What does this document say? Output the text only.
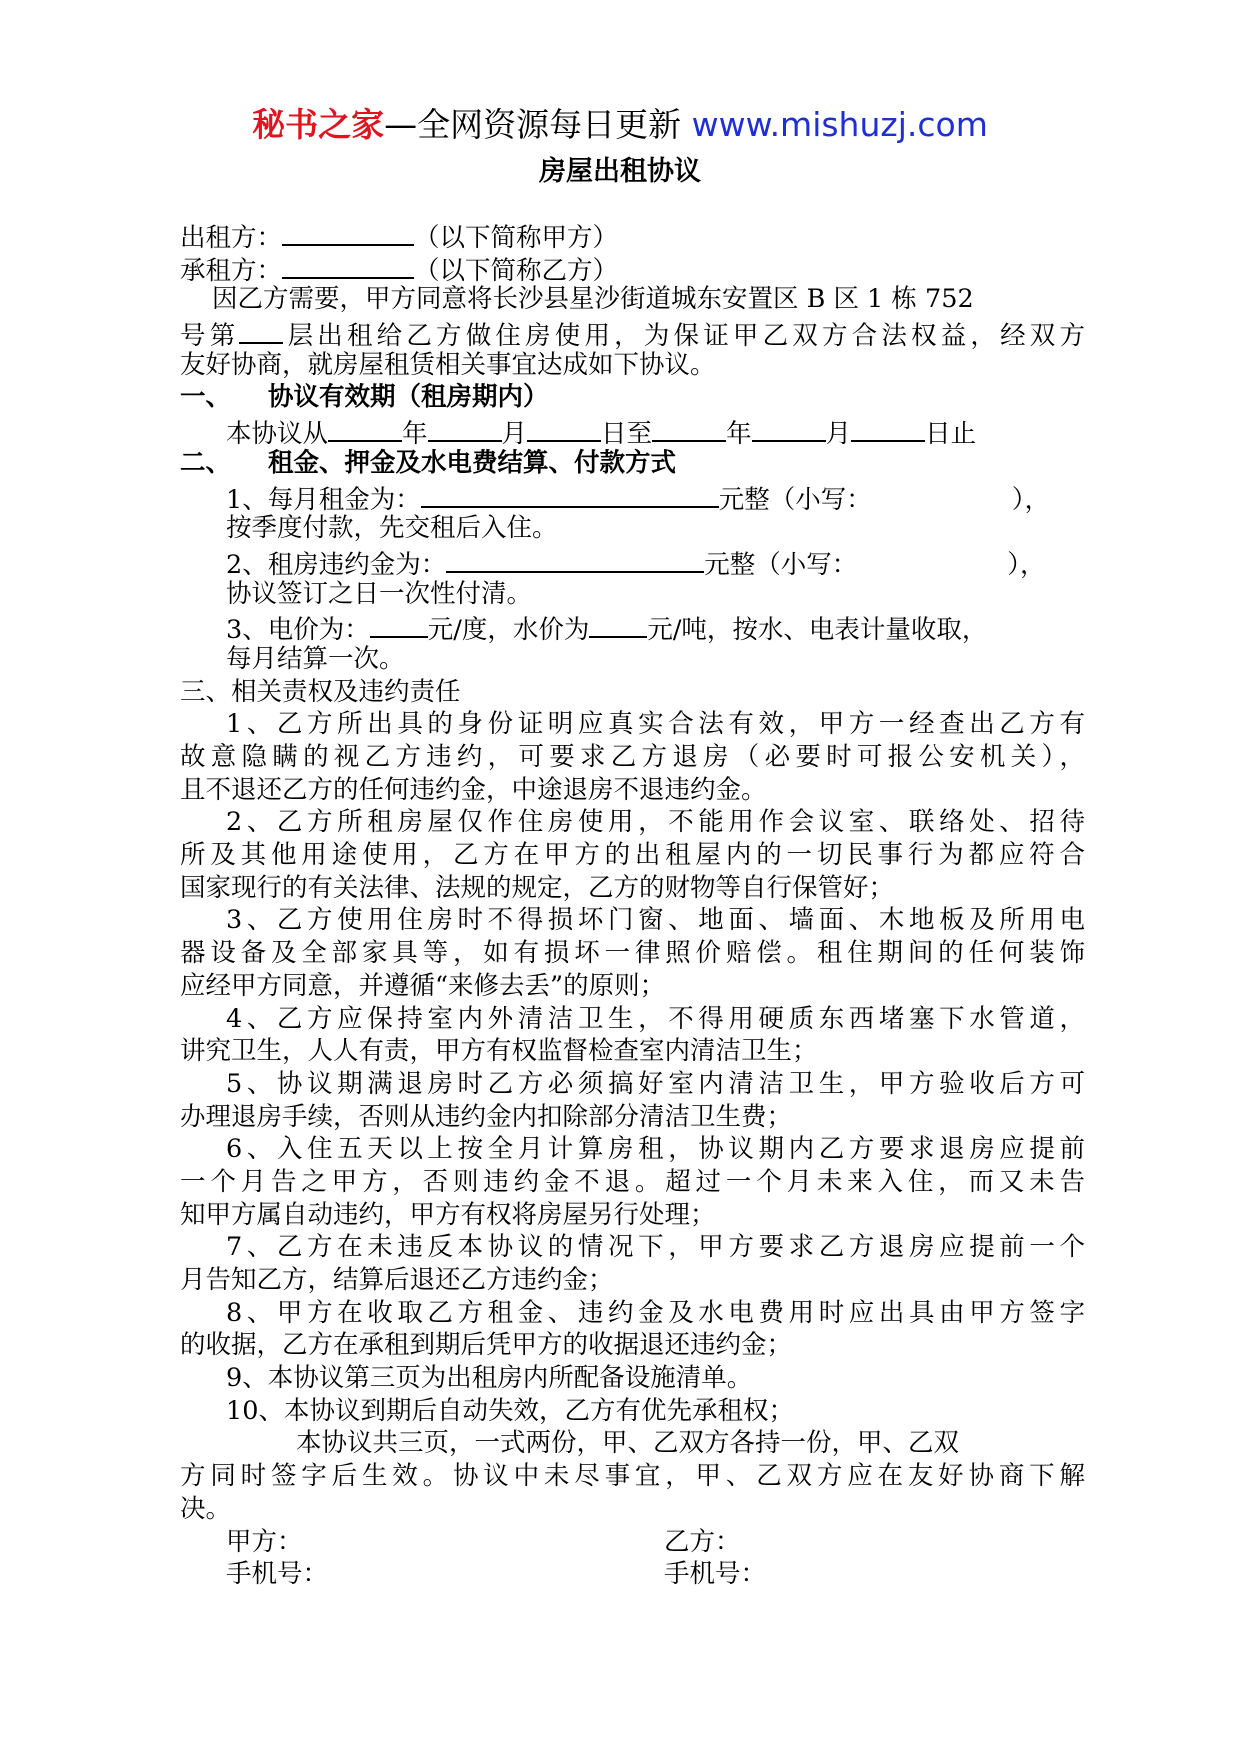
秘书之家—全网资源每日更新 www.mishuzj.com
房屋出租协议
出租方：	（以下简称甲方）
承租方：	（以下简称乙方）
因乙方需要，甲方同意将长沙县星沙街道城东安置区 B 区 1 栋 752
号第 层出租给乙方做住房使用，为保证甲乙双方合法权益，经双方
友好协商，就房屋租赁相关事宜达成如下协议。
一、 协议有效期（租房期内）
本协议从	年	月	日至	年	月	日止
二、 租金、押金及水电费结算、付款方式
1、每月租金为：	元整（小写：	），
按季度付款，先交租后入住。
2、租房违约金为：	元整（小写：	），
协议签订之日一次性付清。
3、电价为： 元/度，水价为 元/吨，按水、电表计量收取，
每月结算一次。
三、相关责权及违约责任
1、乙方所出具的身份证明应真实合法有效，甲方一经查出乙方有
故意隐瞒的视乙方违约，可要求乙方退房（必要时可报公安机关），
且不退还乙方的任何违约金，中途退房不退违约金。
2、乙方所租房屋仅作住房使用，不能用作会议室、联络处、招待
所及其他用途使用，乙方在甲方的出租屋内的一切民事行为都应符合
国家现行的有关法律、法规的规定，乙方的财物等自行保管好；
3、乙方使用住房时不得损坏门窗、地面、墙面、木地板及所用电
器设备及全部家具等，如有损坏一律照价赔偿。租住期间的任何装饰
应经甲方同意，并遵循“来修去丢”的原则；
4、乙方应保持室内外清洁卫生，不得用硬质东西堵塞下水管道，
讲究卫生，人人有责，甲方有权监督检查室内清洁卫生；
5、协议期满退房时乙方必须搞好室内清洁卫生，甲方验收后方可
办理退房手续，否则从违约金内扣除部分清洁卫生费；
6、入住五天以上按全月计算房租，协议期内乙方要求退房应提前
一个月告之甲方，否则违约金不退。超过一个月未来入住，而又未告
知甲方属自动违约，甲方有权将房屋另行处理；
7、乙方在未违反本协议的情况下，甲方要求乙方退房应提前一个
月告知乙方，结算后退还乙方违约金；
8、甲方在收取乙方租金、违约金及水电费用时应出具由甲方签字
的收据，乙方在承租到期后凭甲方的收据退还违约金；
9、本协议第三页为出租房内所配备设施清单。
10、本协议到期后自动失效，乙方有优先承租权；
本协议共三页，一式两份，甲、乙双方各持一份，甲、乙双
方同时签字后生效。协议中未尽事宜，甲、乙双方应在友好协商下解
决。
甲方：	乙方：
手机号：	手机号：
